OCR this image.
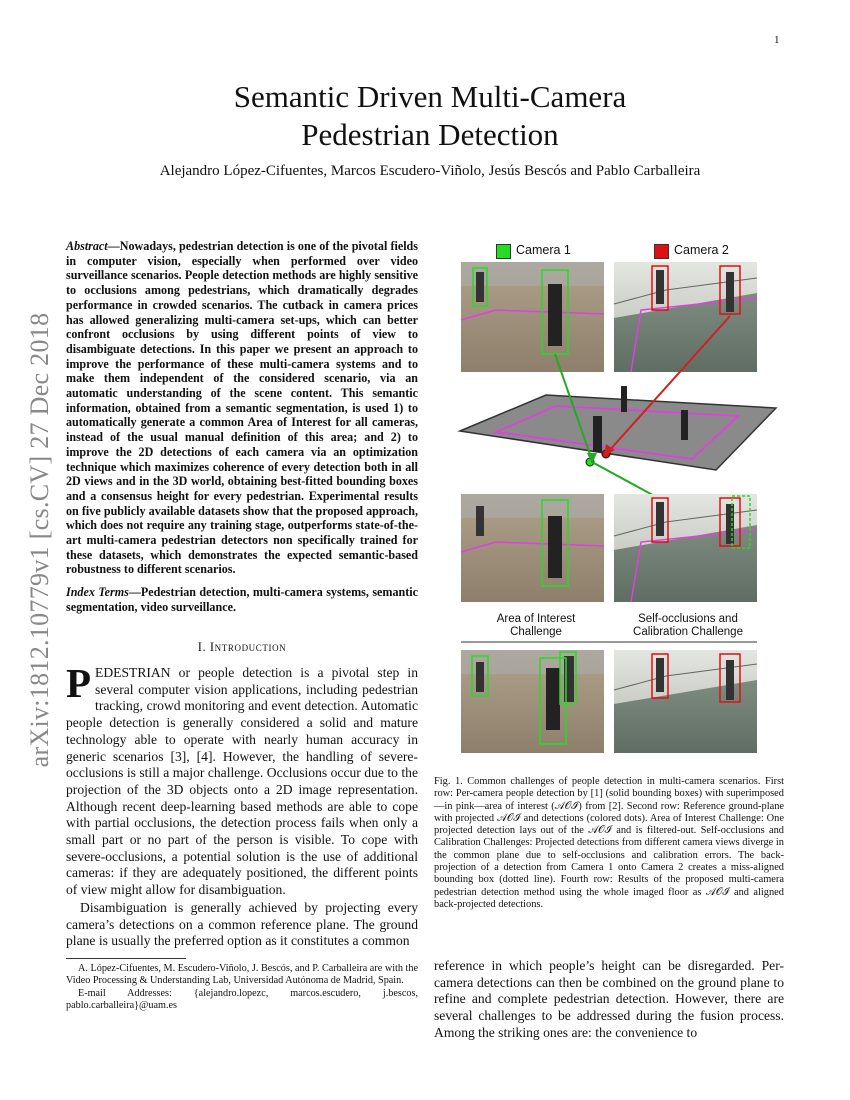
1
arXiv:1812.10779v1 [cs.CV] 27 Dec 2018
Semantic Driven Multi-Camera
Pedestrian Detection
Alejandro López-Cifuentes, Marcos Escudero-Viñolo, Jesús Bescós and Pablo Carballeira
Abstract—Nowadays, pedestrian detection is one of the pivotal fields in computer vision, especially when performed over video surveillance scenarios. People detection methods are highly sensitive to occlusions among pedestrians, which dramatically degrades performance in crowded scenarios. The cutback in camera prices has allowed generalizing multi-camera set-ups, which can better confront occlusions by using different points of view to disambiguate detections. In this paper we present an approach to improve the performance of these multi-camera systems and to make them independent of the considered scenario, via an automatic understanding of the scene content. This semantic information, obtained from a semantic segmentation, is used 1) to automatically generate a common Area of Interest for all cameras, instead of the usual manual definition of this area; and 2) to improve the 2D detections of each camera via an optimization technique which maximizes coherence of every detection both in all 2D views and in the 3D world, obtaining best-fitted bounding boxes and a consensus height for every pedestrian. Experimental results on five publicly available datasets show that the proposed approach, which does not require any training stage, outperforms state-of-the-art multi-camera pedestrian detectors non specifically trained for these datasets, which demonstrates the expected semantic-based robustness to different scenarios.
Index Terms—Pedestrian detection, multi-camera systems, semantic segmentation, video surveillance.
I. Introduction

PEDESTRIAN or people detection is a pivotal step in several computer vision applications, including pedestrian tracking, crowd monitoring and event detection. Automatic people detection is generally considered a solid and mature technology able to operate with nearly human accuracy in generic scenarios [3], [4]. However, the handling of severe-occlusions is still a major challenge. Occlusions occur due to the projection of the 3D objects onto a 2D image representation. Although recent deep-learning based methods are able to cope with partial occlusions, the detection process fails when only a small part or no part of the person is visible. To cope with severe-occlusions, a potential solution is the use of additional cameras: if they are adequately positioned, the different points of view might allow for disambiguation.

Disambiguation is generally achieved by projecting every camera’s detections on a common reference plane. The ground plane is usually the preferred option as it constitutes a common

A. López-Cifuentes, M. Escudero-Viñolo, J. Bescós, and P. Carballeira are with the Video Processing & Understanding Lab, Universidad Autónoma de Madrid, Spain.

E-mail Addresses: {alejandro.lopezc, marcos.escudero, j.bescos, pablo.carballeira}@uam.es

Camera 1	Camera 2
Area of Interest
Challenge
Self-occlusions and
Calibration Challenge
Fig. 1. Common challenges of people detection in multi-camera scenarios. First row: Per-camera people detection by [1] (solid bounding boxes) with superimposed—in pink—area of interest (𝒜𝒪ℐ) from [2]. Second row: Reference ground-plane with projected 𝒜𝒪ℐ and detections (colored dots). Area of Interest Challenge: One projected detection lays out of the 𝒜𝒪ℐ and is filtered-out. Self-occlusions and Calibration Challenges: Projected detections from different camera views diverge in the common plane due to self-occlusions and calibration errors. The back-projection of a detection from Camera 1 onto Camera 2 creates a miss-aligned bounding box (dotted line). Fourth row: Results of the proposed multi-camera pedestrian detection method using the whole imaged floor as 𝒜𝒪ℐ and aligned back-projected detections.
reference in which people’s height can be disregarded. Per-camera detections can then be combined on the ground plane to refine and complete pedestrian detection. However, there are several challenges to be addressed during the fusion process. Among the striking ones are: the convenience to
